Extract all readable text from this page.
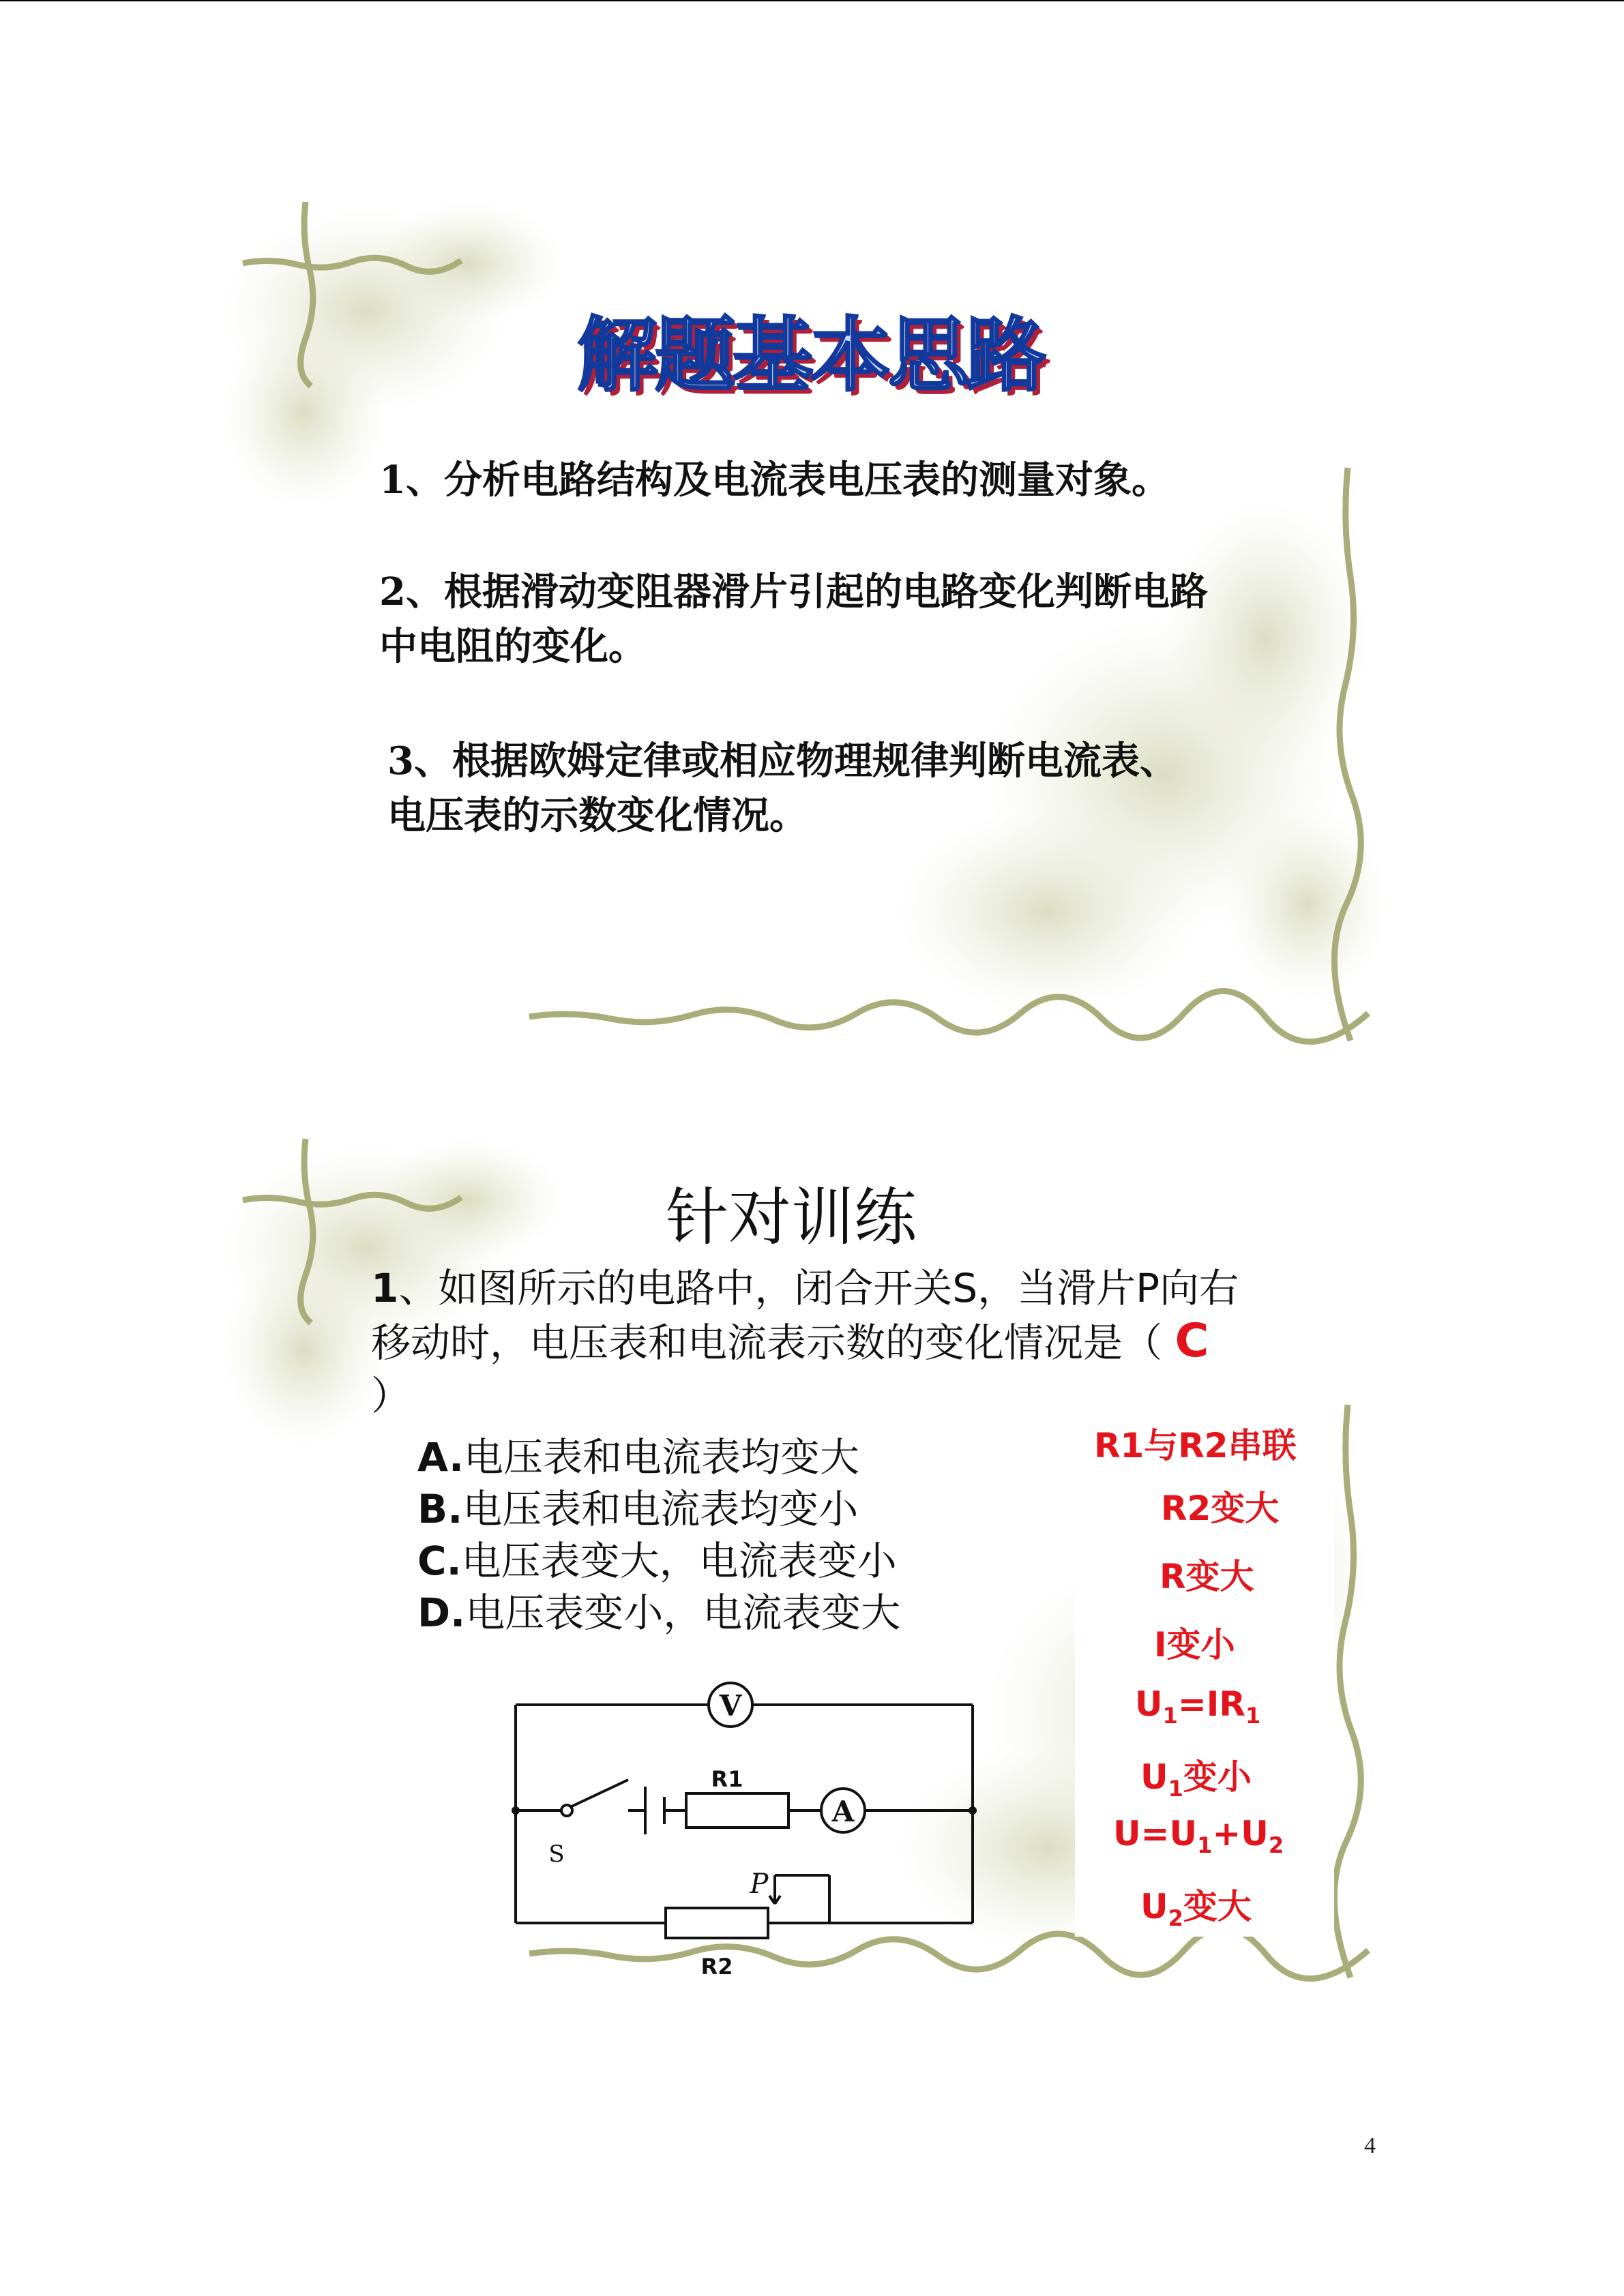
解题基本思路
1、分析电路结构及电流表电压表的测量对象。
2、根据滑动变阻器滑片引起的电路变化判断电路中电阻的变化。
3、根据欧姆定律或相应物理规律判断电流表、电压表的示数变化情况。
针对训练
1、如图所示的电路中，闭合开关S，当滑片P向右移动时，电压表和电流表示数的变化情况是（ C ）
A.电压表和电流表均变大
B.电压表和电流表均变小
C.电压表变大，电流表变小
D.电压表变小，电流表变大
R1与R2串联
R2变大
R变大
I变小
$U_1=IR_1$
$U_1$变小
$U=U_1+U_2$
$U_2$变大
V
A
R1
R2
S
P
4
